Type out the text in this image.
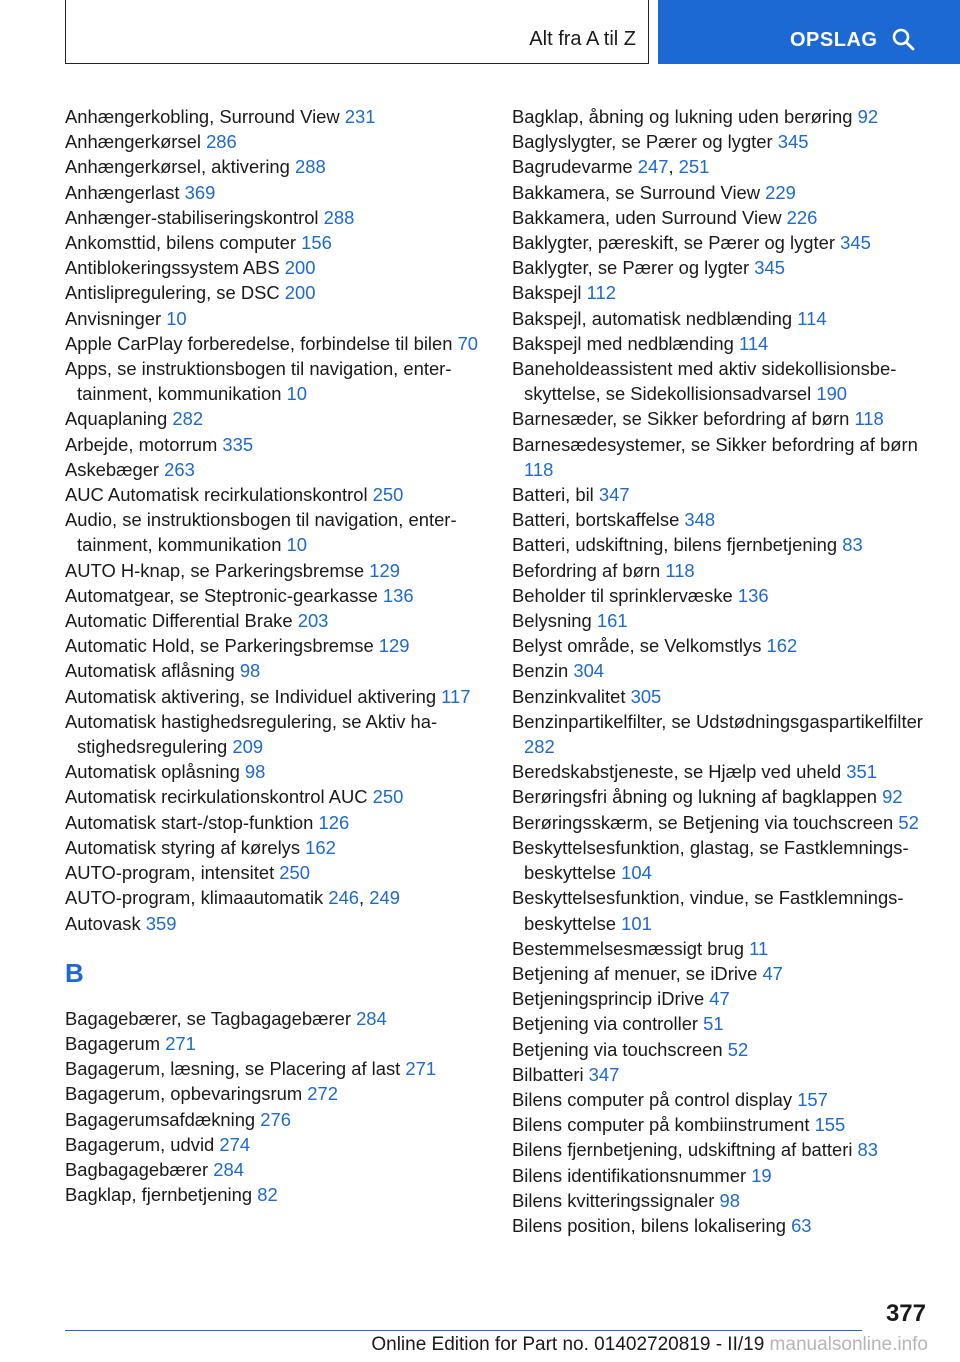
Alt fra A til Z	OPSLAG
Anhængerkobling, Surround View 231
Anhængerkørsel 286
Anhængerkørsel, aktivering 288
Anhængerlast 369
Anhænger-stabiliseringskontrol 288
Ankomsttid, bilens computer 156
Antiblokeringssystem ABS 200
Antislipregulering, se DSC 200
Anvisninger 10
Apple CarPlay forberedelse, forbindelse til bilen 70
Apps, se instruktionsbogen til navigation, entertainment, kommunikation 10
Aquaplaning 282
Arbejde, motorrum 335
Askebæger 263
AUC Automatisk recirkulationskontrol 250
Audio, se instruktionsbogen til navigation, entertainment, kommunikation 10
AUTO H-knap, se Parkeringsbremse 129
Automatgear, se Steptronic-gearkasse 136
Automatic Differential Brake 203
Automatic Hold, se Parkeringsbremse 129
Automatisk aflåsning 98
Automatisk aktivering, se Individuel aktivering 117
Automatisk hastighedsregulering, se Aktiv hastighedsregulering 209
Automatisk oplåsning 98
Automatisk recirkulationskontrol AUC 250
Automatisk start-/stop-funktion 126
Automatisk styring af kørelys 162
AUTO-program, intensitet 250
AUTO-program, klimaautomatik 246, 249
Autovask 359
B
Bagagebærer, se Tagbagagebærer 284
Bagagerum 271
Bagagerum, læsning, se Placering af last 271
Bagagerum, opbevaringsrum 272
Bagagerumsafdækning 276
Bagagerum, udvid 274
Bagbagagebærer 284
Bagklap, fjernbetjening 82
Bagklap, åbning og lukning uden berøring 92
Baglyslygter, se Pærer og lygter 345
Bagrudevarme 247, 251
Bakkamera, se Surround View 229
Bakkamera, uden Surround View 226
Baklygter, pæreskift, se Pærer og lygter 345
Baklygter, se Pærer og lygter 345
Bakspejl 112
Bakspejl, automatisk nedblænding 114
Bakspejl med nedblænding 114
Baneholdeassistent med aktiv sidekollisionsbeskyttelse, se Sidekollisionsadvarsel 190
Barnesæder, se Sikker befordring af børn 118
Barnesædesystemer, se Sikker befordring af børn 118
Batteri, bil 347
Batteri, bortskaffelse 348
Batteri, udskiftning, bilens fjernbetjening 83
Befordring af børn 118
Beholder til sprinklervæske 136
Belysning 161
Belyst område, se Velkomstlys 162
Benzin 304
Benzinkvalitet 305
Benzinpartikelfilter, se Udstødningsgaspartikelfilter 282
Beredskabstjeneste, se Hjælp ved uheld 351
Berøringsfri åbning og lukning af bagklappen 92
Berøringsskærm, se Betjening via touchscreen 52
Beskyttelsesfunktion, glastag, se Fastklemningsbeskyttelse 104
Beskyttelsesfunktion, vindue, se Fastklemningsbeskyttelse 101
Bestemmelsesmæssigt brug 11
Betjening af menuer, se iDrive 47
Betjeningsprincip iDrive 47
Betjening via controller 51
Betjening via touchscreen 52
Bilbatteri 347
Bilens computer på control display 157
Bilens computer på kombiinstrument 155
Bilens fjernbetjening, udskiftning af batteri 83
Bilens identifikationsnummer 19
Bilens kvitteringssignaler 98
Bilens position, bilens lokalisering 63
377
Online Edition for Part no. 01402720819 - II/19 manualsonline.info
